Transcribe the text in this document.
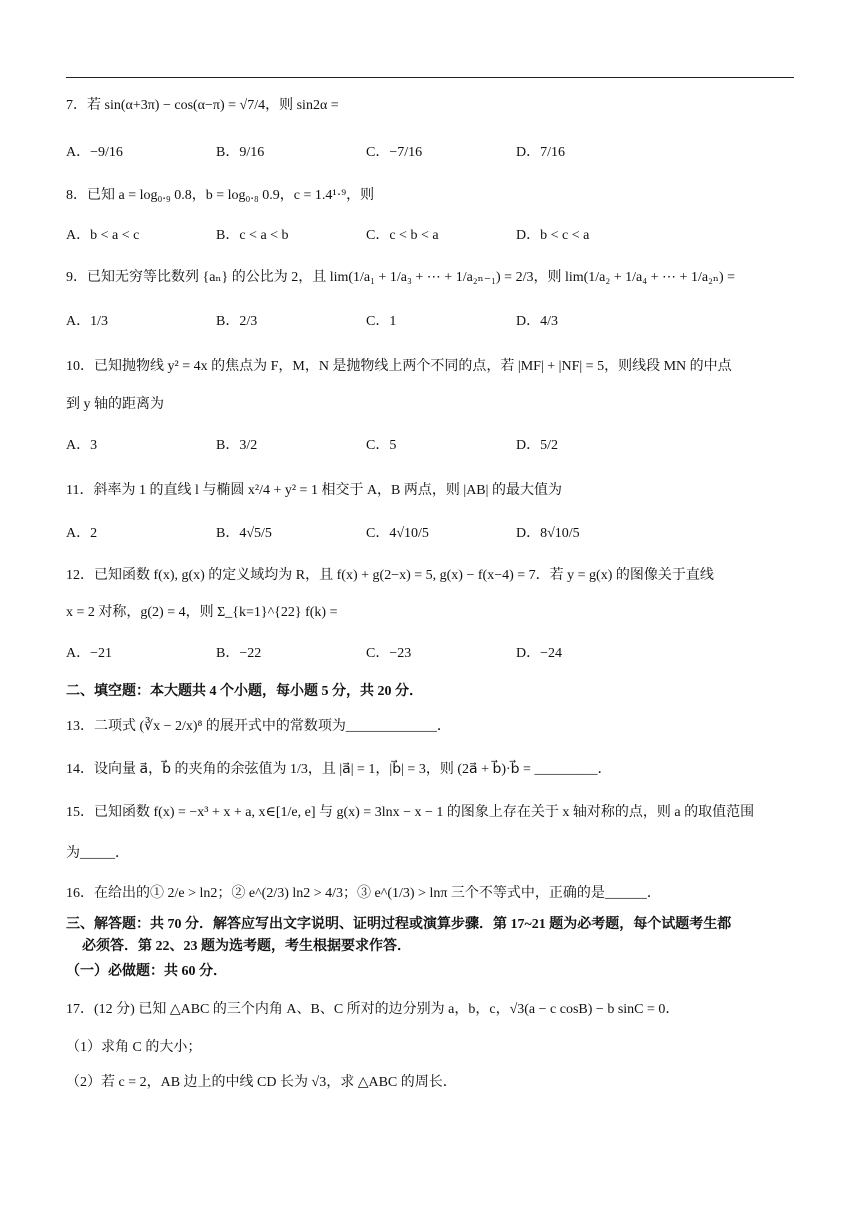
7．若 sin(α+3π) − cos(α−π) = √7/4，则 sin2α =
A．−9/16	B．9/16	C．−7/16	D．7/16
8．已知 a = log₀.₉ 0.8，b = log₀.₈ 0.9，c = 1.4¹·⁹，则
A．b < a < c	B．c < a < b	C．c < b < a	D．b < c < a
9．已知无穷等比数列 {aₙ} 的公比为 2，且 lim(1/a₁ + 1/a₃ + ⋯ + 1/a₂ₙ₋₁) = 2/3，则 lim(1/a₂ + 1/a₄ + ⋯ + 1/a₂ₙ) =
A．1/3	B．2/3	C．1	D．4/3
10．已知抛物线 y² = 4x 的焦点为 F，M，N 是抛物线上两个不同的点，若 |MF| + |NF| = 5，则线段 MN 的中点
到 y 轴的距离为
A．3	B．3/2	C．5	D．5/2
11．斜率为 1 的直线 l 与椭圆 x²/4 + y² = 1 相交于 A，B 两点，则 |AB| 的最大值为
A．2	B．4√5/5	C．4√10/5	D．8√10/5
12．已知函数 f(x), g(x) 的定义域均为 R，且 f(x) + g(2−x) = 5, g(x) − f(x−4) = 7．若 y = g(x) 的图像关于直线
x = 2 对称，g(2) = 4，则 Σ_{k=1}^{22} f(k) =
A．−21	B．−22	C．−23	D．−24
二、填空题：本大题共 4 个小题，每小题 5 分，共 20 分．
13．二项式 (∛x − 2/x)⁸ 的展开式中的常数项为_____________．
14．设向量 a⃗，b⃗ 的夹角的余弦值为 1/3，且 |a⃗| = 1，|b⃗| = 3，则 (2a⃗ + b⃗)·b⃗ = _________．
15．已知函数 f(x) = −x³ + x + a, x∈[1/e, e] 与 g(x) = 3lnx − x − 1 的图象上存在关于 x 轴对称的点，则 a 的取值范围
为_____．
16．在给出的① 2/e > ln2；② e^(2/3) ln2 > 4/3；③ e^(1/3) > lnπ 三个不等式中，正确的是______．
三、解答题：共 70 分．解答应写出文字说明、证明过程或演算步骤．第 17~21 题为必考题，每个试题考生都
必须答．第 22、23 题为选考题，考生根据要求作答．
（一）必做题：共 60 分．
17．(12 分) 已知 △ABC 的三个内角 A、B、C 所对的边分别为 a，b，c，√3(a − c cosB) − b sinC = 0．
（1）求角 C 的大小；
（2）若 c = 2，AB 边上的中线 CD 长为 √3，求 △ABC 的周长．
